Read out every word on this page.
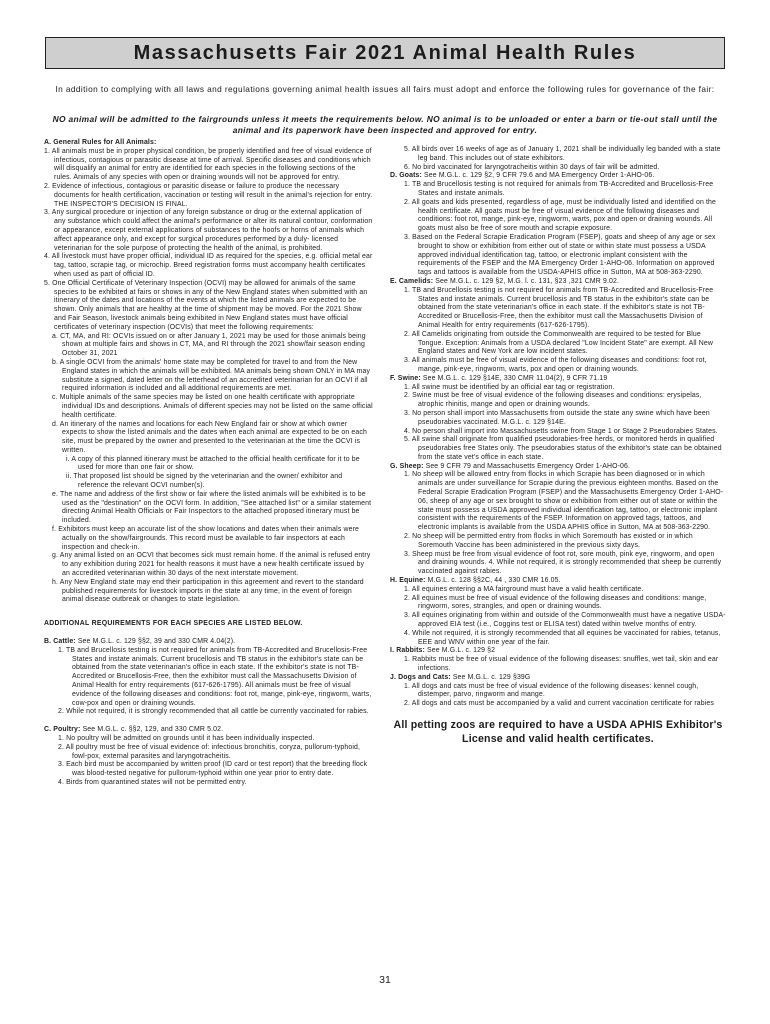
Massachusetts Fair 2021 Animal Health Rules

In addition to complying with all laws and regulations governing animal health issues all fairs must adopt and enforce the following rules for governance of the fair:

NO animal will be admitted to the fairgrounds unless it meets the requirements below. NO animal is to be unloaded or enter a barn or tie-out stall until the animal and its paperwork have been inspected and approved for entry.

A. General Rules for All Animals:

1. All animals must be in proper physical condition, be properly identified and free of visual evidence of infectious, contagious or parasitic disease at time of arrival. Specific diseases and conditions which will disqualify an animal for entry are identified for each species in the following sections of the rules. Animals of any species with open or draining wounds will not be approved for entry.

2. Evidence of infectious, contagious or parasitic disease or failure to produce the necessary documents for health certification, vaccination or testing will result in the animal's rejection for entry. THE INSPECTOR'S DECISION IS FINAL.

3. Any surgical procedure or injection of any foreign substance or drug or the external application of any substance which could affect the animal's performance or alter its natural contour, conformation or appearance, except external applications of substances to the hoofs or horns of animals which affect appearance only, and except for surgical procedures performed by a duly- licensed veterinarian for the sole purpose of protecting the health of the animal, is prohibited.

4. All livestock must have proper official, individual ID as required for the species, e.g. official metal ear tag, tattoo, scrapie tag, or microchip. Breed registration forms must accompany health certificates when used as part of official ID.

5. One Official Certificate of Veterinary Inspection (OCVI) may be allowed for animals of the same species to be exhibited at fairs or shows in any of the New England states when submitted with an itinerary of the dates and locations of the events at which the listed animals are expected to be shown. Only animals that are healthy at the time of shipment may be moved. For the 2021 Show and Fair Season, livestock animals being exhibited in New England states must have official certificates of veterinary inspection (OCVIs) that meet the following requirements:

a. CT, MA, and RI: OCVIs issued on or after January 1, 2021 may be used for those animals being shown at multiple fairs and shows in CT, MA, and RI through the 2021 show/fair season ending October 31, 2021

b. A single OCVI from the animals' home state may be completed for travel to and from the New England states in which the animals will be exhibited. MA animals being shown ONLY in MA may substitute a signed, dated letter on the letterhead of an accredited veterinarian for an OCVI if all required information is included and all additional requirements are met.

c. Multiple animals of the same species may be listed on one health certificate with appropriate individual IDs and descriptions. Animals of different species may not be listed on the same official health certificate.

d. An itinerary of the names and locations for each New England fair or show at which owner expects to show the listed animals and the dates when each animal are expected to be on each site, must be prepared by the owner and presented to the veterinarian at the time the OCVI is written.

i. A copy of this planned itinerary must be attached to the official health certificate for it to be used for more than one fair or show.

ii. That proposed list should be signed by the veterinarian and the owner/ exhibitor and reference the relevant OCVI number(s).

e. The name and address of the first show or fair where the listed animals will be exhibited is to be used as the "destination" on the OCVI form. In addition, "See attached list" or a similar statement directing Animal Health Officials or Fair Inspectors to the attached proposed itinerary must be included.

f. Exhibitors must keep an accurate list of the show locations and dates when their animals were actually on the show/fairgrounds. This record must be available to fair inspectors at each inspection and check-in.

g. Any animal listed on an OCVI that becomes sick must remain home. If the animal is refused entry to any exhibition during 2021 for health reasons it must have a new health certificate issued by an accredited veterinarian within 30 days of the next interstate movement.

h. Any New England state may end their participation in this agreement and revert to the standard published requirements for livestock imports in the state at any time, in the event of foreign animal disease outbreak or changes to state legislation.

ADDITIONAL REQUIREMENTS FOR EACH SPECIES ARE LISTED BELOW.

B. Cattle: See M.G.L. c. 129 §§2, 39 and 330 CMR 4.04(2).

1. TB and Brucellosis testing is not required for animals from TB-Accredited and Brucellosis-Free States and instate animals. Current brucellosis and TB status in the exhibitor's state can be obtained from the state veterinarian's office in each state. If the exhibitor's state is not TB-Accredited or Brucellosis-Free, then the exhibitor must call the Massachusetts Division of Animal Health for entry requirements (617-626-1795). All animals must be free of visual evidence of the following diseases and conditions: foot rot, mange, pink-eye, ringworm, warts, cow-pox and open or draining wounds.

2. While not required, it is strongly recommended that all cattle be currently vaccinated for rabies.

C. Poultry: See M.G.L. c. §§2, 129, and 330 CMR 5.02.

1. No poultry will be admitted on grounds until it has been individually inspected.

2. All poultry must be free of visual evidence of: infectious bronchitis, coryza, pullorum-typhoid, fowl-pox, external parasites and laryngotracheitis.

3. Each bird must be accompanied by written proof (ID card or test report) that the breeding flock was blood-tested negative for pullorum-typhoid within one year prior to entry date.

4. Birds from quarantined states will not be permitted entry.

5. All birds over 16 weeks of age as of January 1, 2021 shall be individually leg banded with a state leg band. This includes out of state exhibitors.

6. No bird vaccinated for laryngotracheitis within 30 days of fair will be admitted.

D. Goats: See M.G.L. c. 129 §2, 9 CFR 79.6 and MA Emergency Order 1-AHO-06.

1. TB and Brucellosis testing is not required for animals from TB-Accredited and Brucellosis-Free States and instate animals.

2. All goats and kids presented, regardless of age, must be individually listed and identified on the health certificate. All goats must be free of visual evidence of the following diseases and conditions: foot rot, mange, pink-eye, ringworm, warts, pox and open or draining wounds. All goats must also be free of sore mouth and scrapie exposure.

3. Based on the Federal Scrapie Eradication Program (FSEP), goats and sheep of any age or sex brought to show or exhibition from either out of state or within state must possess a USDA approved individual identification tag, tattoo, or electronic implant consistent with the requirements of the FSEP and the MA Emergency Order 1-AHO-06. Information on approved tags and tattoos is available from the USDA-APHIS office in Sutton, MA at 508-363-2290.

E. Camelids: See M.G.L. c. 129 §2, M.G. l. c. 131, §23 ,321 CMR 9.02.

1. TB and Brucellosis testing is not required for animals from TB-Accredited and Brucellosis-Free States and instate animals. Current brucellosis and TB status in the exhibitor's state can be obtained from the state veterinarian's office in each state. If the exhibitor's state is not TB-Accredited or Brucellosis-Free, then the exhibitor must call the Massachusetts Division of Animal Health for entry requirements (617-626-1795).

2. All Camelids originating from outside the Commonwealth are required to be tested for Blue Tongue. Exception: Animals from a USDA declared "Low Incident State" are exempt. All New England states and New York are low incident states.

3. All animals must be free of visual evidence of the following diseases and conditions: foot rot, mange, pink-eye, ringworm, warts, pox and open or draining wounds.

F. Swine: See M.G.L. c. 129 §14E, 330 CMR 11.04(2), 9 CFR 71.19

1. All swine must be identified by an official ear tag or registration.

2. Swine must be free of visual evidence of the following diseases and conditions: erysipelas, atrophic rhinitis, mange and open or draining wounds.

3. No person shall import into Massachusetts from outside the state any swine which have been pseudorabies vaccinated. M.G.L. c. 129 §14E.

4. No person shall import into Massachusetts swine from Stage 1 or Stage 2 Pseudorabies States.

5. All swine shall originate from qualified pseudorabies-free herds, or monitored herds in qualified pseudorabies free States only. The pseudorabies status of the exhibitor's state can be obtained from the state vet's office in each state.

G. Sheep: See 9 CFR 79 and Massachusetts Emergency Order 1-AHO-06.

1. No sheep will be allowed entry from flocks in which Scrapie has been diagnosed or in which animals are under surveillance for Scrapie during the previous eighteen months. Based on the Federal Scrapie Eradication Program (FSEP) and the Massachusetts Emergency Order 1-AHO-06, sheep of any age or sex brought to show or exhibition from either out of state or within the state must possess a USDA approved individual identification tag, tattoo, or electronic implant consistent with the requirements of the FSEP. Information on approved tags, tattoos, and electronic implants is available from the USDA APHIS office in Sutton, MA at 508-363-2290.

2. No sheep will be permitted entry from flocks in which Soremouth has existed or in which Soremouth Vaccine has been administered in the previous sixty days.

3. Sheep must be free from visual evidence of foot rot, sore mouth, pink eye, ringworm, and open and draining wounds. 4. While not required, it is strongly recommended that sheep be currently vaccinated against rabies.

H. Equine: M.G.L. c. 128 §§2C, 44 , 330 CMR 16.05.

1. All equines entering a MA fairground must have a valid health certificate.

2. All equines must be free of visual evidence of the following diseases and conditions: mange, ringworm, sores, strangles, and open or draining wounds.

3. All equines originating from within and outside of the Commonwealth must have a negative USDA-approved EIA test (i.e., Coggins test or ELISA test) dated within twelve months of entry.

4. While not required, it is strongly recommended that all equines be vaccinated for rabies, tetanus, EEE and WNV within one year of the fair.

I. Rabbits: See M.G.L. c. 129 §2

1. Rabbits must be free of visual evidence of the following diseases: snuffles, wet tail, skin and ear infections.

J. Dogs and Cats: See M.G.L. c. 129 §39G

1. All dogs and cats must be free of visual evidence of the following diseases: kennel cough, distemper, parvo, ringworm and mange.

2. All dogs and cats must be accompanied by a valid and current vaccination certificate for rabies

All petting zoos are required to have a USDA APHIS Exhibitor's License and valid health certificates.

31
